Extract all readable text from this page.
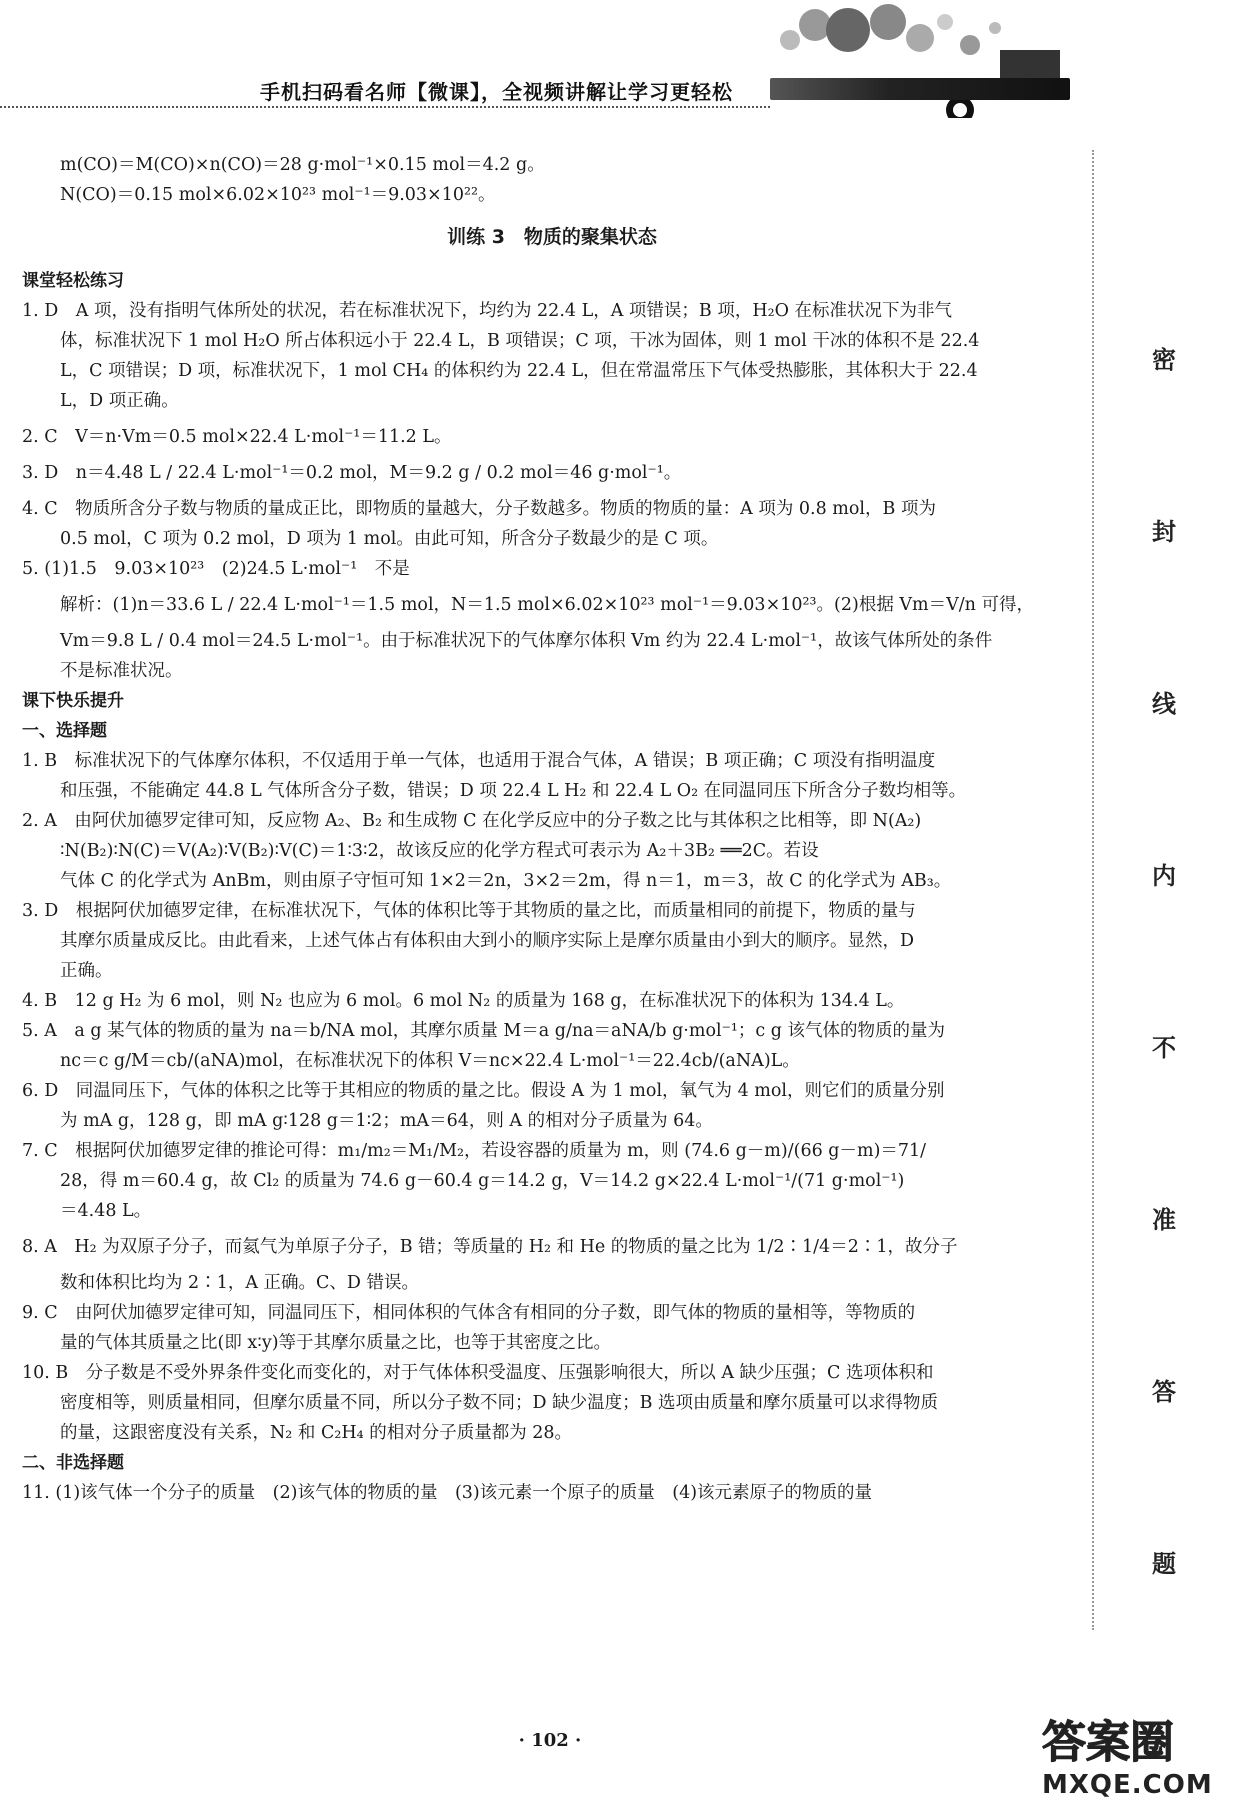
手机扫码看名师【微课】，全视频讲解让学习更轻松
m(CO)＝M(CO)×n(CO)＝28 g·mol⁻¹×0.15 mol＝4.2 g。
N(CO)＝0.15 mol×6.02×10²³ mol⁻¹＝9.03×10²²。
训练 3　物质的聚集状态
课堂轻松练习
1. D　A 项，没有指明气体所处的状况，若在标准状况下，均约为 22.4 L，A 项错误；B 项，H₂O 在标准状况下为非气
体，标准状况下 1 mol H₂O 所占体积远小于 22.4 L，B 项错误；C 项，干冰为固体，则 1 mol 干冰的体积不是 22.4
L，C 项错误；D 项，标准状况下，1 mol CH₄ 的体积约为 22.4 L，但在常温常压下气体受热膨胀，其体积大于 22.4
L，D 项正确。
2. C　V＝n·Vm＝0.5 mol×22.4 L·mol⁻¹＝11.2 L。
3. D　n＝4.48 L / 22.4 L·mol⁻¹＝0.2 mol，M＝9.2 g / 0.2 mol＝46 g·mol⁻¹。
4. C　物质所含分子数与物质的量成正比，即物质的量越大，分子数越多。物质的物质的量：A 项为 0.8 mol，B 项为
0.5 mol，C 项为 0.2 mol，D 项为 1 mol。由此可知，所含分子数最少的是 C 项。
5. (1)1.5　9.03×10²³　(2)24.5 L·mol⁻¹　不是
解析：(1)n＝33.6 L / 22.4 L·mol⁻¹＝1.5 mol，N＝1.5 mol×6.02×10²³ mol⁻¹＝9.03×10²³。(2)根据 Vm＝V/n 可得，
Vm＝9.8 L / 0.4 mol＝24.5 L·mol⁻¹。由于标准状况下的气体摩尔体积 Vm 约为 22.4 L·mol⁻¹，故该气体所处的条件
不是标准状况。
课下快乐提升
一、选择题
1. B　标准状况下的气体摩尔体积，不仅适用于单一气体，也适用于混合气体，A 错误；B 项正确；C 项没有指明温度
和压强，不能确定 44.8 L 气体所含分子数，错误；D 项 22.4 L H₂ 和 22.4 L O₂ 在同温同压下所含分子数均相等。
2. A　由阿伏加德罗定律可知，反应物 A₂、B₂ 和生成物 C 在化学反应中的分子数之比与其体积之比相等，即 N(A₂)
∶N(B₂)∶N(C)＝V(A₂)∶V(B₂)∶V(C)＝1∶3∶2，故该反应的化学方程式可表示为 A₂＋3B₂ ══2C。若设
气体 C 的化学式为 AnBm，则由原子守恒可知 1×2＝2n，3×2＝2m，得 n＝1，m＝3，故 C 的化学式为 AB₃。
3. D　根据阿伏加德罗定律，在标准状况下，气体的体积比等于其物质的量之比，而质量相同的前提下，物质的量与
其摩尔质量成反比。由此看来，上述气体占有体积由大到小的顺序实际上是摩尔质量由小到大的顺序。显然，D
正确。
4. B　12 g H₂ 为 6 mol，则 N₂ 也应为 6 mol。6 mol N₂ 的质量为 168 g，在标准状况下的体积为 134.4 L。
5. A　a g 某气体的物质的量为 na＝b/NA mol，其摩尔质量 M＝a g/na＝aNA/b g·mol⁻¹；c g 该气体的物质的量为
nc＝c g/M＝cb/(aNA)mol，在标准状况下的体积 V＝nc×22.4 L·mol⁻¹＝22.4cb/(aNA)L。
6. D　同温同压下，气体的体积之比等于其相应的物质的量之比。假设 A 为 1 mol，氧气为 4 mol，则它们的质量分别
为 mA g，128 g，即 mA g∶128 g＝1∶2；mA＝64，则 A 的相对分子质量为 64。
7. C　根据阿伏加德罗定律的推论可得：m₁/m₂＝M₁/M₂，若设容器的质量为 m，则 (74.6 g－m)/(66 g－m)＝71/
28，得 m＝60.4 g，故 Cl₂ 的质量为 74.6 g－60.4 g＝14.2 g，V＝14.2 g×22.4 L·mol⁻¹/(71 g·mol⁻¹)
＝4.48 L。
8. A　H₂ 为双原子分子，而氦气为单原子分子，B 错；等质量的 H₂ 和 He 的物质的量之比为 1/2∶1/4＝2∶1，故分子
数和体积比均为 2∶1，A 正确。C、D 错误。
9. C　由阿伏加德罗定律可知，同温同压下，相同体积的气体含有相同的分子数，即气体的物质的量相等，等物质的
量的气体其质量之比(即 x∶y)等于其摩尔质量之比，也等于其密度之比。
10. B　分子数是不受外界条件变化而变化的，对于气体体积受温度、压强影响很大，所以 A 缺少压强；C 选项体积和
密度相等，则质量相同，但摩尔质量不同，所以分子数不同；D 缺少温度；B 选项由质量和摩尔质量可以求得物质
的量，这跟密度没有关系，N₂ 和 C₂H₄ 的相对分子质量都为 28。
二、非选择题
11. (1)该气体一个分子的质量　(2)该气体的物质的量　(3)该元素一个原子的质量　(4)该元素原子的物质的量
密
封
线
内
不
准
答
题
· 102 ·	答案圈
MXQE.COM
